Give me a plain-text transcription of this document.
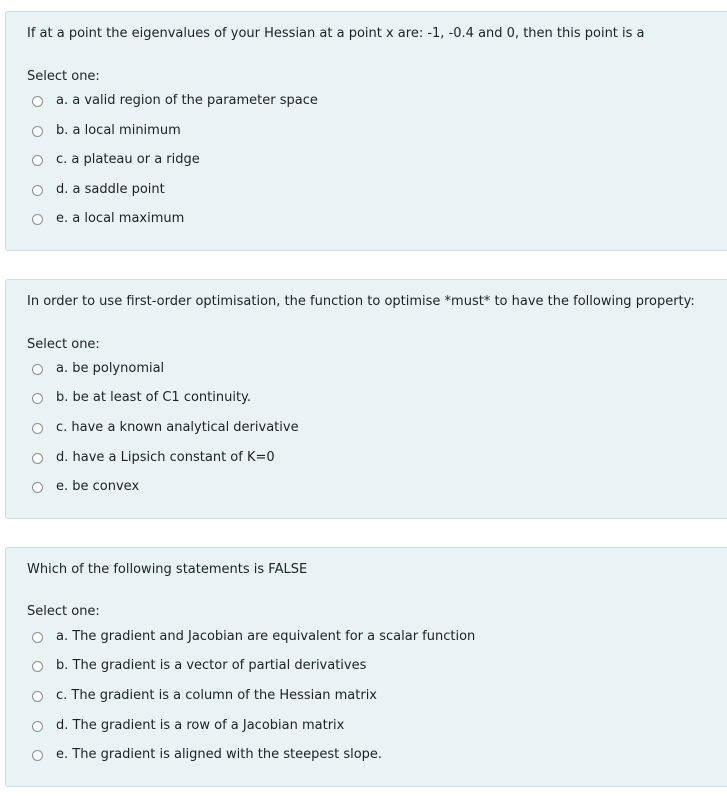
If at a point the eigenvalues of your Hessian at a point x are: -1, -0.4 and 0, then this point is a
Select one:
a. a valid region of the parameter space
b. a local minimum
c. a plateau or a ridge
d. a saddle point
e. a local maximum
In order to use first-order optimisation, the function to optimise *must* to have the following property:
Select one:
a. be polynomial
b. be at least of C1 continuity.
c. have a known analytical derivative
d. have a Lipsich constant of K=0
e. be convex
Which of the following statements is FALSE
Select one:
a. The gradient and Jacobian are equivalent for a scalar function
b. The gradient is a vector of partial derivatives
c. The gradient is a column of the Hessian matrix
d. The gradient is a row of a Jacobian matrix
e. The gradient is aligned with the steepest slope.
